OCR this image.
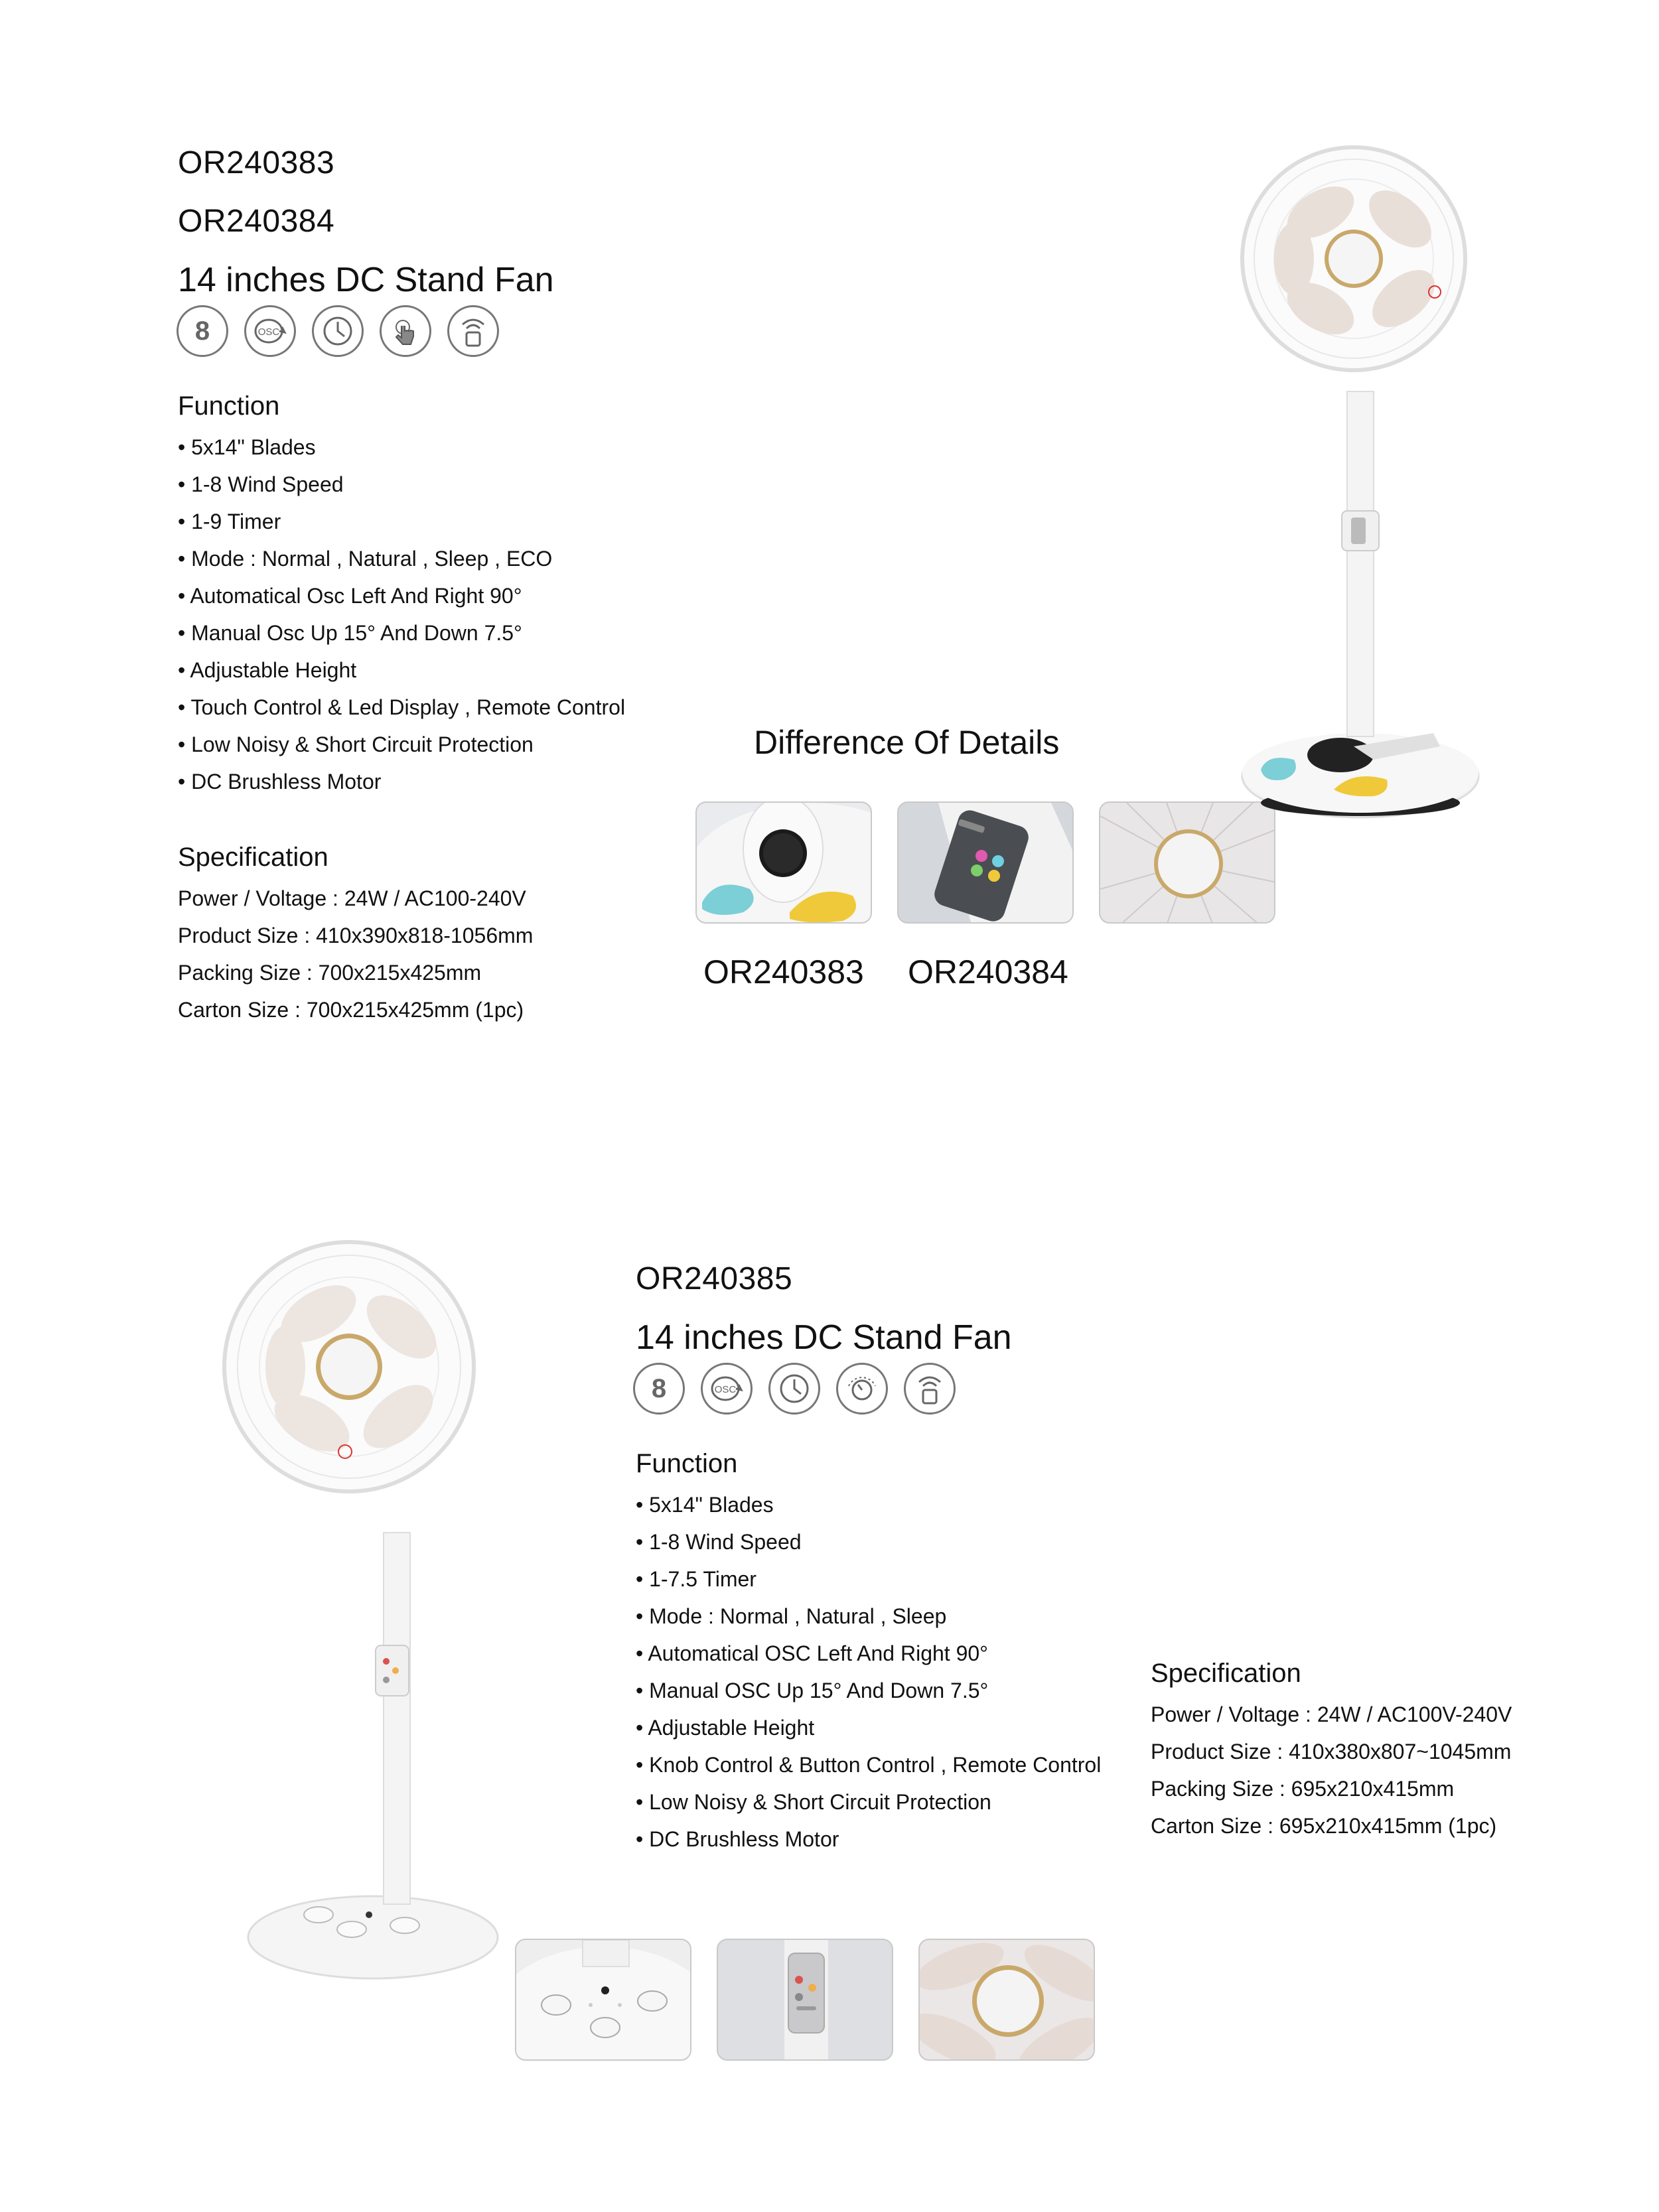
OR240383
OR240384
14 inches DC Stand Fan
8	OSC
Function
• 5x14" Blades
• 1-8 Wind Speed
• 1-9 Timer
• Mode : Normal , Natural , Sleep , ECO
• Automatical Osc Left And Right 90°
• Manual Osc Up 15° And Down 7.5°
• Adjustable Height
• Touch Control & Led Display , Remote Control
• Low Noisy & Short Circuit Protection
• DC Brushless Motor
Specification
Power / Voltage : 24W / AC100-240V
Product Size : 410x390x818-1056mm
Packing Size : 700x215x425mm
Carton Size : 700x215x425mm (1pc)
Difference Of Details
OR240383 OR240384
OR240385
14 inches DC Stand Fan
8	OSC
Function
• 5x14" Blades
• 1-8 Wind Speed
• 1-7.5 Timer
• Mode : Normal , Natural , Sleep
• Automatical OSC Left And Right 90°
• Manual OSC Up 15° And Down 7.5°
• Adjustable Height
• Knob Control & Button Control , Remote Control
• Low Noisy & Short Circuit Protection
• DC Brushless Motor
Specification
Power / Voltage : 24W / AC100V-240V
Product Size : 410x380x807~1045mm
Packing Size : 695x210x415mm
Carton Size : 695x210x415mm (1pc)
